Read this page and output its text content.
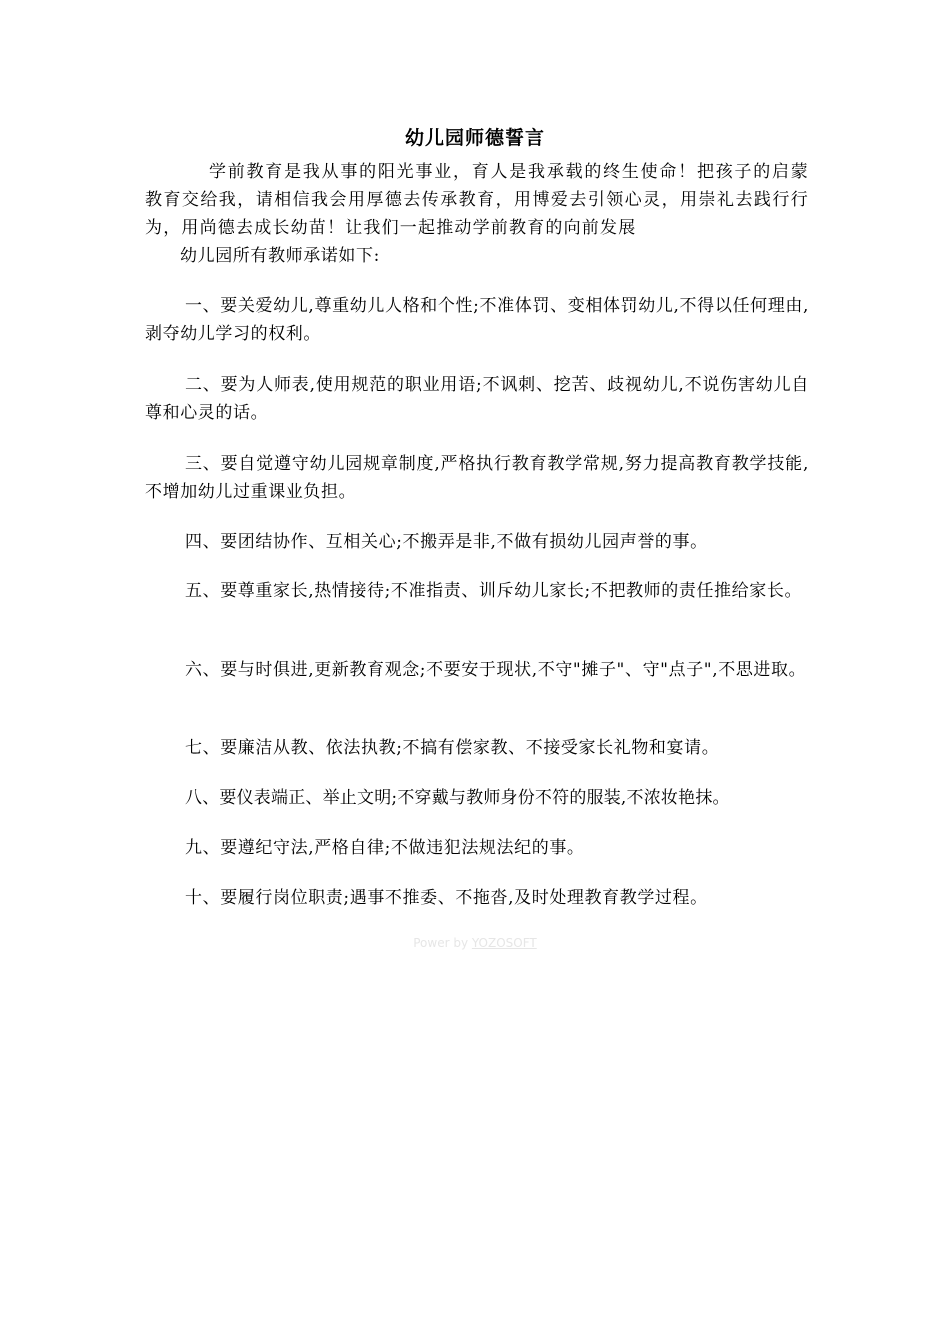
幼儿园师德誓言
学前教育是我从事的阳光事业，育人是我承载的终生使命！把孩子的启蒙教育交给我，请相信我会用厚德去传承教育，用博爱去引领心灵，用崇礼去践行行为，用尚德去成长幼苗！让我们一起推动学前教育的向前发展
幼儿园所有教师承诺如下:
一、要关爱幼儿,尊重幼儿人格和个性;不准体罚、变相体罚幼儿,不得以任何理由,剥夺幼儿学习的权利。
二、要为人师表,使用规范的职业用语;不讽刺、挖苦、歧视幼儿,不说伤害幼儿自尊和心灵的话。
三、要自觉遵守幼儿园规章制度,严格执行教育教学常规,努力提高教育教学技能,不增加幼儿过重课业负担。
四、要团结协作、互相关心;不搬弄是非,不做有损幼儿园声誉的事。
五、要尊重家长,热情接待;不准指责、训斥幼儿家长;不把教师的责任推给家长。
六、要与时俱进,更新教育观念;不要安于现状,不守"摊子"、守"点子",不思进取。
七、要廉洁从教、依法执教;不搞有偿家教、不接受家长礼物和宴请。
八、要仪表端正、举止文明;不穿戴与教师身份不符的服装,不浓妆艳抹。
九、要遵纪守法,严格自律;不做违犯法规法纪的事。
十、要履行岗位职责;遇事不推委、不拖沓,及时处理教育教学过程。
Power by YOZOSOFT
